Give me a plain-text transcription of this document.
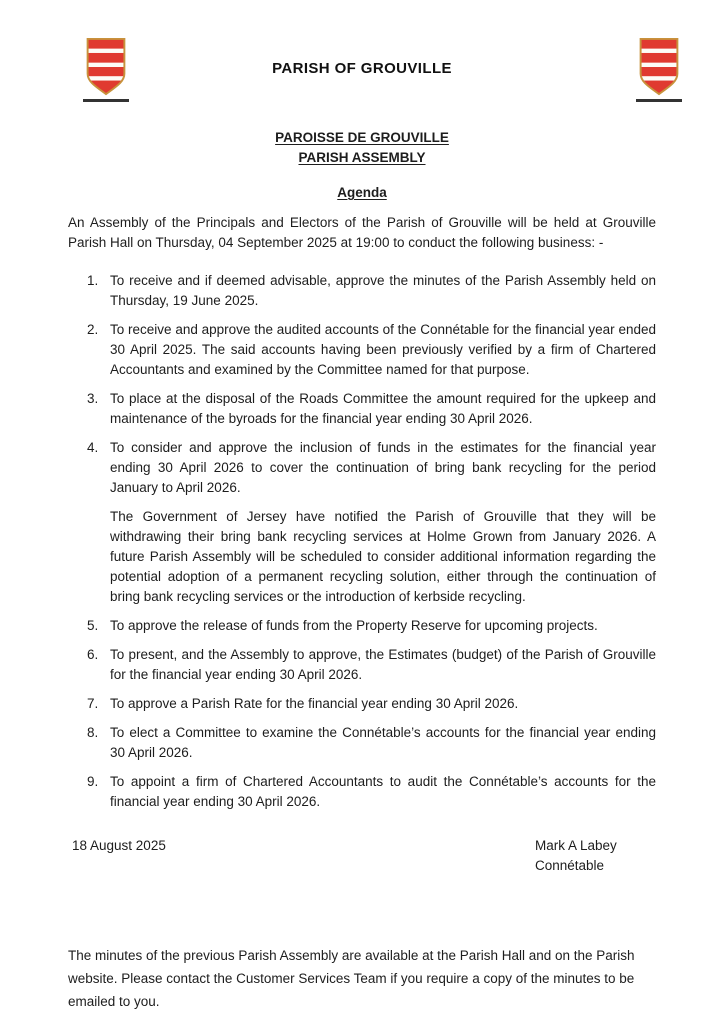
PARISH OF GROUVILLE
PAROISSE DE GROUVILLE
PARISH ASSEMBLY
Agenda

An Assembly of the Principals and Electors of the Parish of Grouville will be held at Grouville Parish Hall on Thursday, 04 September 2025 at 19:00 to conduct the following business: -

1. To receive and if deemed advisable, approve the minutes of the Parish Assembly held on Thursday, 19 June 2025.
2. To receive and approve the audited accounts of the Connétable for the financial year ended 30 April 2025. The said accounts having been previously verified by a firm of Chartered Accountants and examined by the Committee named for that purpose.
3. To place at the disposal of the Roads Committee the amount required for the upkeep and maintenance of the byroads for the financial year ending 30 April 2026.
4. To consider and approve the inclusion of funds in the estimates for the financial year ending 30 April 2026 to cover the continuation of bring bank recycling for the period January to April 2026.
The Government of Jersey have notified the Parish of Grouville that they will be withdrawing their bring bank recycling services at Holme Grown from January 2026. A future Parish Assembly will be scheduled to consider additional information regarding the potential adoption of a permanent recycling solution, either through the continuation of bring bank recycling services or the introduction of kerbside recycling.
5. To approve the release of funds from the Property Reserve for upcoming projects.
6. To present, and the Assembly to approve, the Estimates (budget) of the Parish of Grouville for the financial year ending 30 April 2026.
7. To approve a Parish Rate for the financial year ending 30 April 2026.
8. To elect a Committee to examine the Connétable’s accounts for the financial year ending 30 April 2026.
9. To appoint a firm of Chartered Accountants to audit the Connétable’s accounts for the financial year ending 30 April 2026.
18 August 2025	Mark A Labey
Connétable

The minutes of the previous Parish Assembly are available at the Parish Hall and on the Parish website. Please contact the Customer Services Team if you require a copy of the minutes to be emailed to you.
